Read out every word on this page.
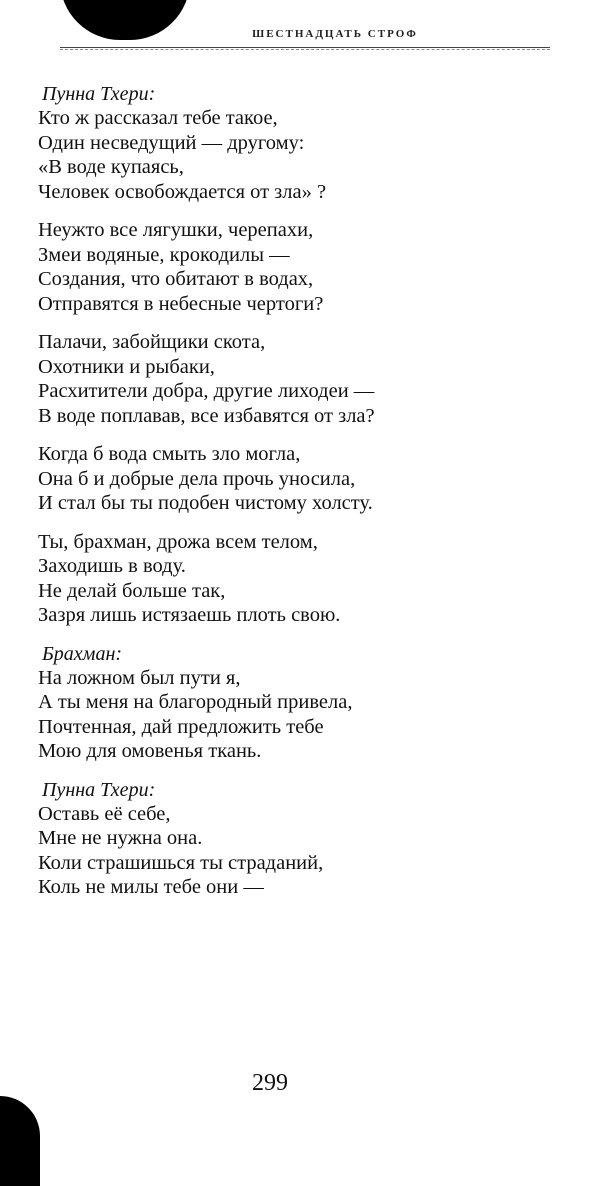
ШЕСТНАДЦАТЬ СТРОФ

Пунна Тхери:

Кто ж рассказал тебе такое,
Один несведущий — другому:
«В воде купаясь,
Человек освобождается от зла» ?
Неужто все лягушки, черепахи,
Змеи водяные, крокодилы —
Создания, что обитают в водах,
Отправятся в небесные чертоги?
Палачи, забойщики скота,
Охотники и рыбаки,
Расхитители добра, другие лиходеи —
В воде поплавав, все избавятся от зла?
Когда б вода смыть зло могла,
Она б и добрые дела прочь уносила,
И стал бы ты подобен чистому холсту.
Ты, брахман, дрожа всем телом,
Заходишь в воду.
Не делай больше так,
Зазря лишь истязаешь плоть свою.

Брахман:

На ложном был пути я,
А ты меня на благородный привела,
Почтенная, дай предложить тебе
Мою для омовенья ткань.

Пунна Тхери:

Оставь её себе,
Мне не нужна она.
Коли страшишься ты страданий,
Коль не милы тебе они —
299
